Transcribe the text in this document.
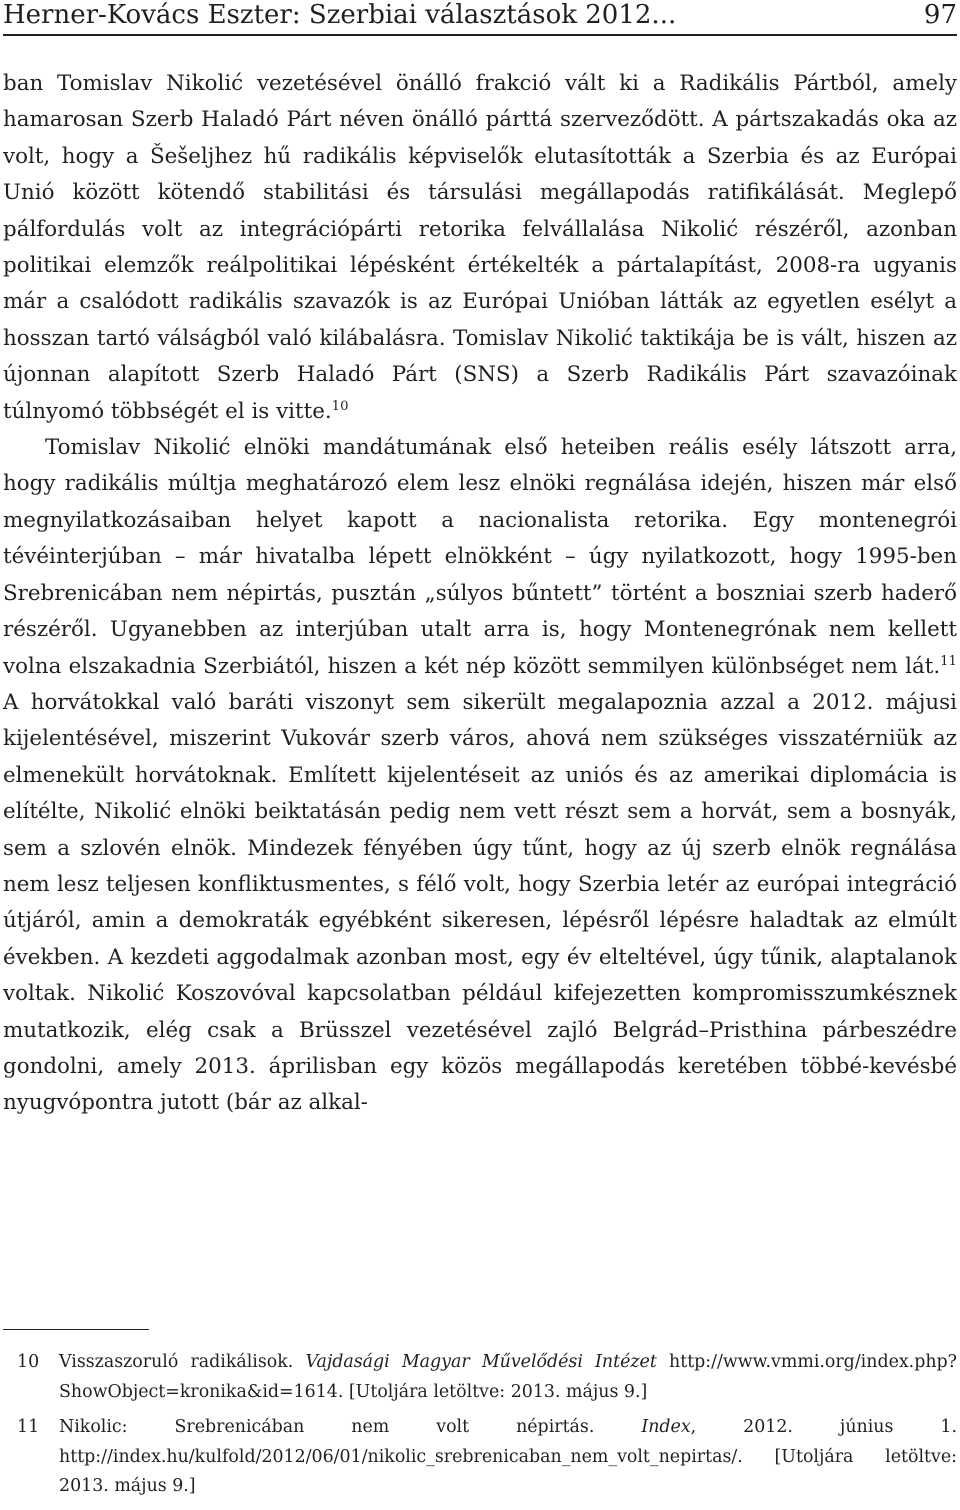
Herner-Kovács Eszter: Szerbiai választások 2012...	97

ban Tomislav Nikolić vezetésével önálló frakció vált ki a Radikális Pártból, amely hamarosan Szerb Haladó Párt néven önálló párttá szerveződött. A pártszakadás oka az volt, hogy a Šešeljhez hű radikális képviselők elutasították a Szerbia és az Európai Unió között kötendő stabilitási és társulási megállapodás ratifikálását. Meglepő pálfordulás volt az integrációpárti retorika felvállalása Nikolić részéről, azonban politikai elemzők reálpolitikai lépésként értékelték a pártalapítást, 2008-ra ugyanis már a csalódott radikális szavazók is az Európai Unióban látták az egyetlen esélyt a hosszan tartó válságból való kilábalásra. Tomislav Nikolić taktikája be is vált, hiszen az újonnan alapított Szerb Haladó Párt (SNS) a Szerb Radikális Párt szavazóinak túlnyomó többségét el is vitte.$^{10}$

Tomislav Nikolić elnöki mandátumának első heteiben reális esély látszott arra, hogy radikális múltja meghatározó elem lesz elnöki regnálása idején, hiszen már első megnyilatkozásaiban helyet kapott a nacionalista retorika. Egy montenegrói tévéinterjúban – már hivatalba lépett elnökként – úgy nyilatkozott, hogy 1995-ben Srebrenicában nem népirtás, pusztán „súlyos bűntett” történt a boszniai szerb haderő részéről. Ugyanebben az interjúban utalt arra is, hogy Montenegrónak nem kellett volna elszakadnia Szerbiától, hiszen a két nép között semmilyen különbséget nem lát.$^{11}$ A horvátokkal való baráti viszonyt sem sikerült megalapoznia azzal a 2012. májusi kijelentésével, miszerint Vukovár szerb város, ahová nem szükséges visszatérniük az elmenekült horvátoknak. Említett kijelentéseit az uniós és az amerikai diplomácia is elítélte, Nikolić elnöki beiktatásán pedig nem vett részt sem a horvát, sem a bosnyák, sem a szlovén elnök. Mindezek fényében úgy tűnt, hogy az új szerb elnök regnálása nem lesz teljesen konfliktusmentes, s félő volt, hogy Szerbia letér az európai integráció útjáról, amin a demokraták egyébként sikeresen, lépésről lépésre haladtak az elmúlt években. A kezdeti aggodalmak azonban most, egy év elteltével, úgy tűnik, alaptalanok voltak. Nikolić Koszovóval kapcsolatban például kifejezetten kompromisszumkésznek mutatkozik, elég csak a Brüsszel vezetésével zajló Belgrád–Pristhina párbeszédre gondolni, amely 2013. áprilisban egy közös megállapodás keretében többé-kevésbé nyugvópontra jutott (bár az alkal-

10 Visszaszoruló radikálisok. Vajdasági Magyar Művelődési Intézet http://www.vmmi.org/index.php?ShowObject=kronika&id=1614. [Utoljára letöltve: 2013. május 9.]
11 Nikolic: Srebrenicában nem volt népirtás. Index, 2012. június 1. http://index.hu/kulfold/2012/06/01/nikolic_srebrenicaban_nem_volt_nepirtas/. [Utoljára letöltve: 2013. május 9.]
